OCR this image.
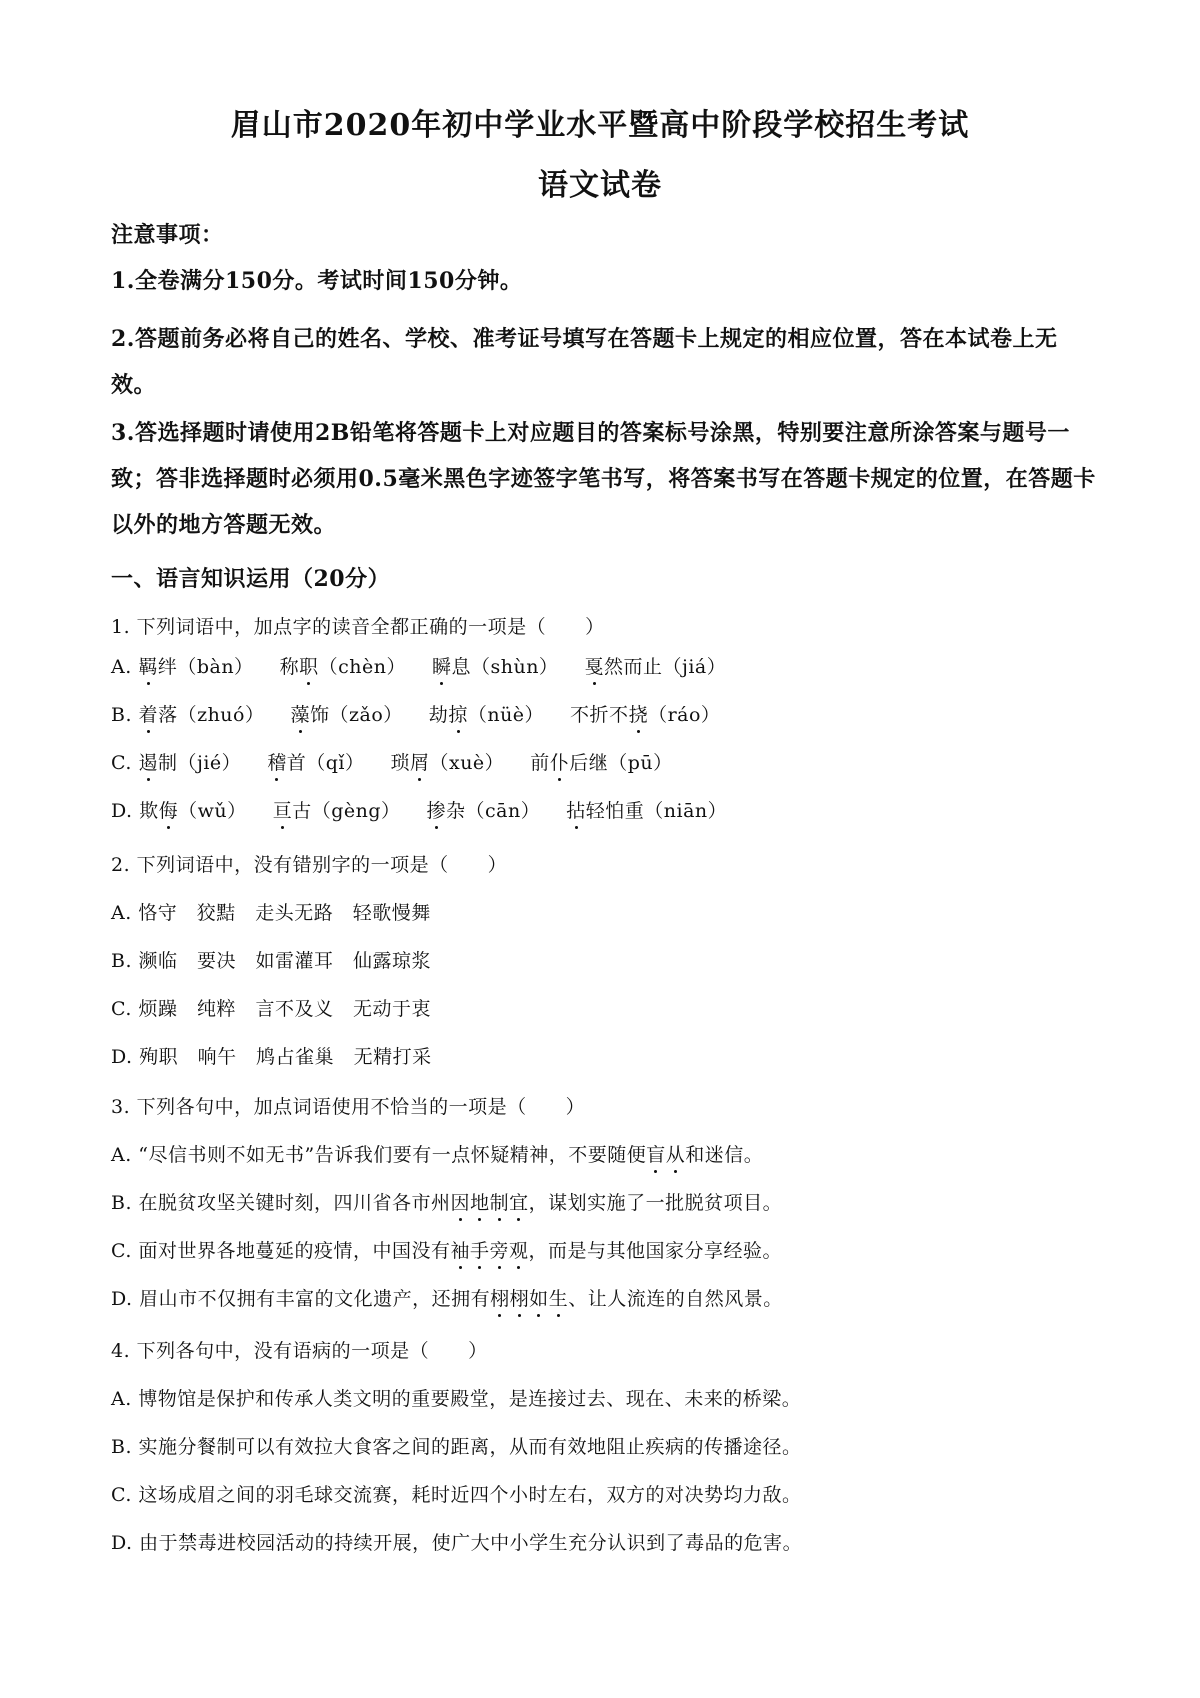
眉山市2020年初中学业水平暨高中阶段学校招生考试
语文试卷
注意事项：
1.全卷满分150分。考试时间150分钟。
2.答题前务必将自己的姓名、学校、准考证号填写在答题卡上规定的相应位置，答在本试卷上无效。
3.答选择题时请使用2B铅笔将答题卡上对应题目的答案标号涂黑，特别要注意所涂答案与题号一致；答非选择题时必须用0.5毫米黑色字迹签字笔书写，将答案书写在答题卡规定的位置，在答题卡以外的地方答题无效。
一、语言知识运用（20分）
1. 下列词语中，加点字的读音全都正确的一项是（　　）
A. 羁绊（bàn） 称职（chèn） 瞬息（shùn） 戛然而止（jiá）
B. 着落（zhuó） 藻饰（zǎo） 劫掠（nüè） 不折不挠（ráo）
C. 遏制（jié） 稽首（qǐ） 琐屑（xuè） 前仆后继（pū）
D. 欺侮（wǔ） 亘古（gèng） 掺杂（cān） 拈轻怕重（niān）
2. 下列词语中，没有错别字的一项是（　　）
A. 恪守　狡黠　走头无路　轻歌慢舞
B. 濒临　要决　如雷灌耳　仙露琼浆
C. 烦躁　纯粹　言不及义　无动于衷
D. 殉职　响午　鸠占雀巢　无精打采
3. 下列各句中，加点词语使用不恰当的一项是（　　）
A. “尽信书则不如无书”告诉我们要有一点怀疑精神，不要随便盲从和迷信。
B. 在脱贫攻坚关键时刻，四川省各市州因地制宜，谋划实施了一批脱贫项目。
C. 面对世界各地蔓延的疫情，中国没有袖手旁观，而是与其他国家分享经验。
D. 眉山市不仅拥有丰富的文化遗产，还拥有栩栩如生、让人流连的自然风景。
4. 下列各句中，没有语病的一项是（　　）
A. 博物馆是保护和传承人类文明的重要殿堂，是连接过去、现在、未来的桥梁。
B. 实施分餐制可以有效拉大食客之间的距离，从而有效地阻止疾病的传播途径。
C. 这场成眉之间的羽毛球交流赛，耗时近四个小时左右，双方的对决势均力敌。
D. 由于禁毒进校园活动的持续开展，使广大中小学生充分认识到了毒品的危害。
